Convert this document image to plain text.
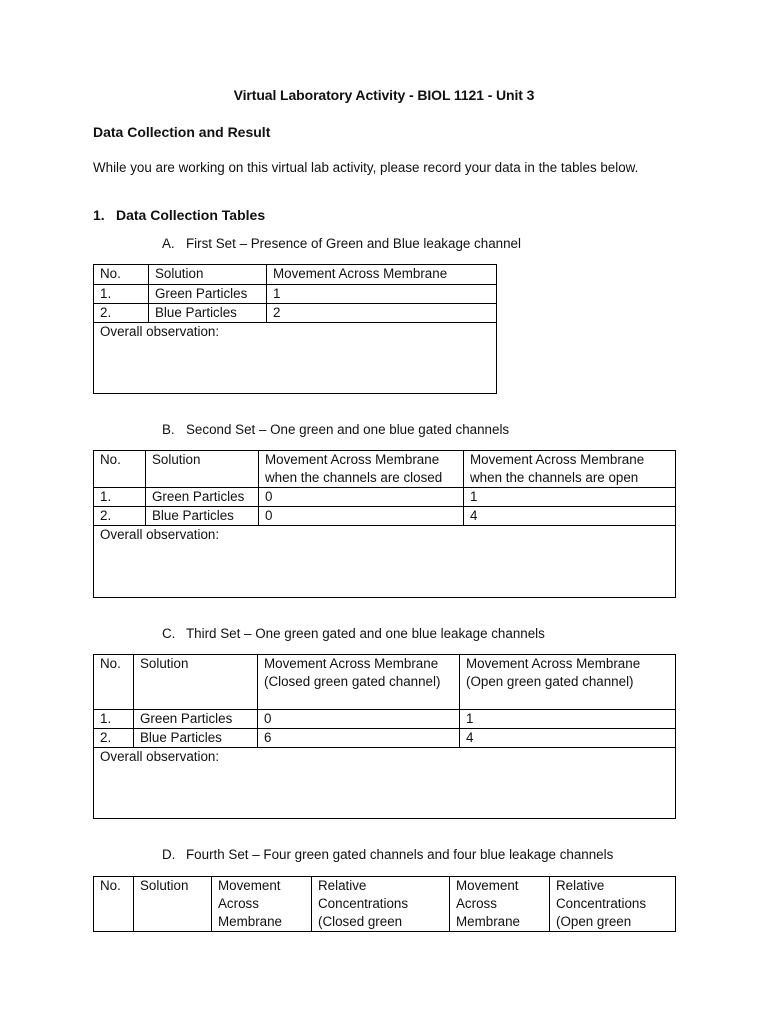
Virtual Laboratory Activity - BIOL 1121 - Unit 3
Data Collection and Result
While you are working on this virtual lab activity, please record your data in the tables below.
1. Data Collection Tables
A. First Set – Presence of Green and Blue leakage channel
No.	Solution	Movement Across Membrane
1.	Green Particles	1
2.	Blue Particles	2
Overall observation:		
B. Second Set – One green and one blue gated channels
No.	Solution	Movement Across Membrane when the channels are closed	Movement Across Membrane when the channels are open
1.	Green Particles	0	1
2.	Blue Particles	0	4
Overall observation:			
C. Third Set – One green gated and one blue leakage channels
No.	Solution	Movement Across Membrane (Closed green gated channel)	Movement Across Membrane (Open green gated channel)
1.	Green Particles	0	1
2.	Blue Particles	6	4
Overall observation:			
D. Fourth Set – Four green gated channels and four blue leakage channels
No.	Solution	Movement Across Membrane	Relative Concentrations (Closed green	Movement Across Membrane	Relative Concentrations (Open green
